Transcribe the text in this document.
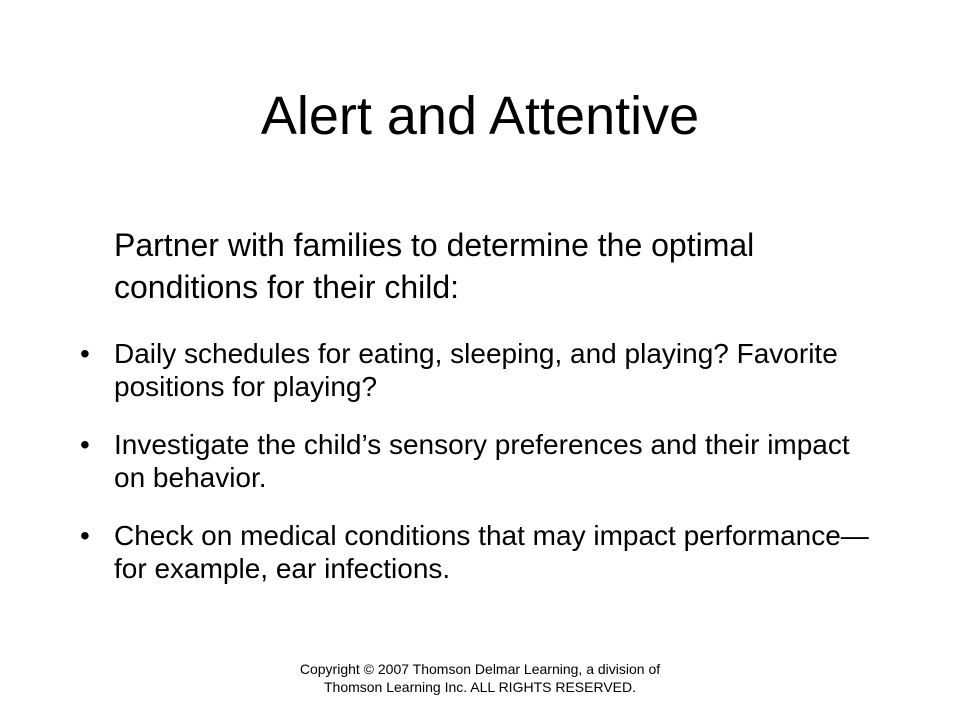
Alert and Attentive

Partner with families to determine the optimal conditions for their child:

• Daily schedules for eating, sleeping, and playing? Favorite positions for playing?
• Investigate the child’s sensory preferences and their impact on behavior.
• Check on medical conditions that may impact performance—for example, ear infections.
Copyright © 2007 Thomson Delmar Learning, a division of
Thomson Learning Inc. ALL RIGHTS RESERVED.
